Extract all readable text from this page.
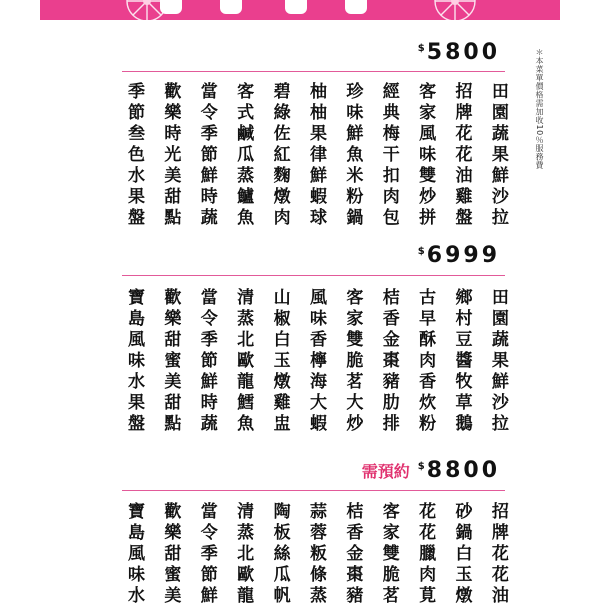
＊本菜單價格需加收10％服務費
$ 5800
田園蔬果鮮沙拉
招牌花花油雞盤
客家風味雙炒拼
經典梅干扣肉包
珍味鮮魚米粉鍋
柚柚果律鮮蝦球
碧綠佐紅麴燉肉
客式鹹瓜蒸鱸魚
當令季節鮮時蔬
歡樂時光美甜點
季節叁色水果盤
$ 6999
田園蔬果鮮沙拉
鄉村豆醬牧草鵝
古早酥肉香炊粉
桔香金棗豬肋排
客家雙脆茗大炒
風味香檸海大蝦
山椒白玉燉雞盅
清蒸北歐龍鱈魚
當令季節鮮時蔬
歡樂甜蜜美甜點
寶島風味水果盤
需預約 $ 8800
招牌花花油
砂鍋白玉燉
花花臘肉莧
客家雙脆茗
桔香金棗豬
蒜蓉粄條蒸
陶板絲瓜帆
清蒸北歐龍
當令季節鮮
歡樂甜蜜美
寶島風味水
